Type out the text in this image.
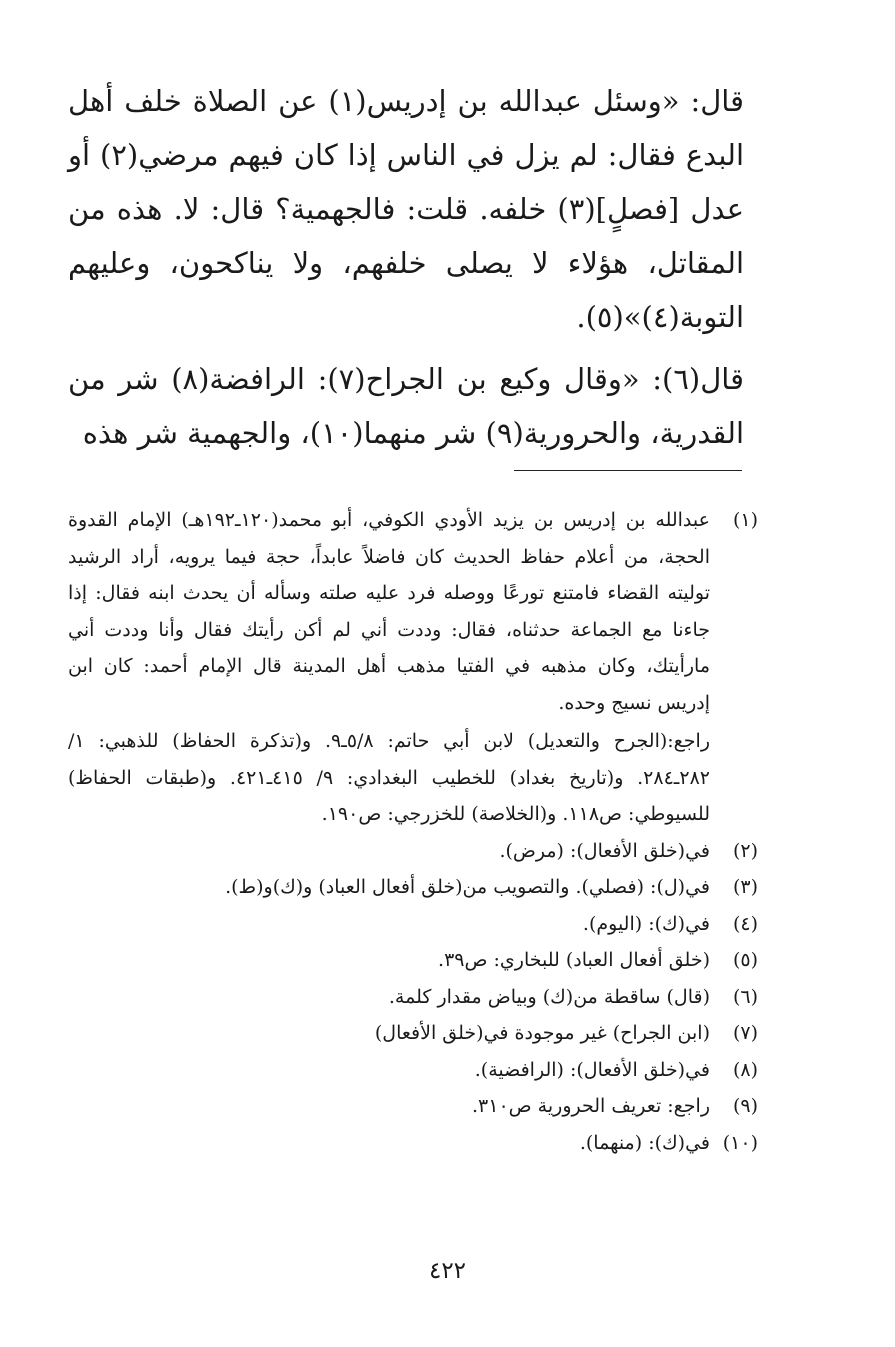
قال: «وسئل عبدالله بن إدريس(١) عن الصلاة خلف أهل البدع فقال: لم يزل في الناس إذا كان فيهم مرضي(٢) أو عدل [فصلٍ](٣) خلفه. قلت: فالجهمية؟ قال: لا. هذه من المقاتل، هؤلاء لا يصلى خلفهم، ولا يناكحون، وعليهم التوبة(٤)»(٥).

قال(٦): «وقال وكيع بن الجراح(٧): الرافضة(٨) شر من القدرية، والحرورية(٩) شر منهما(١٠)، والجهمية شر هذه

(١)
عبدالله بن إدريس بن يزيد الأودي الكوفي، أبو محمد(١٢٠ـ١٩٢هـ) الإمام القدوة الحجة، من أعلام حفاظ الحديث كان فاضلاً عابداً، حجة فيما يرويه، أراد الرشيد توليته القضاء فامتنع تورعًا ووصله فرد عليه صلته وسأله أن يحدث ابنه فقال: إذا جاءنا مع الجماعة حدثناه، فقال: وددت أني لم أكن رأيتك فقال وأنا وددت أني مارأيتك، وكان مذهبه في الفتيا مذهب أهل المدينة قال الإمام أحمد: كان ابن إدريس نسيج وحده.
راجع:(الجرح والتعديل) لابن أبي حاتم: ٥/٨ـ٩. و(تذكرة الحفاظ) للذهبي: ١/ ٢٨٢ـ٢٨٤. و(تاريخ بغداد) للخطيب البغدادي: ٩/ ٤١٥ـ٤٢١. و(طبقات الحفاظ) للسيوطي: ص١١٨. و(الخلاصة) للخزرجي: ص١٩٠.
(٢)
في(خلق الأفعال): (مرض).
(٣)
في(ل): (فصلي). والتصويب من(خلق أفعال العباد) و(ك)و(ط).
(٤)
في(ك): (اليوم).
(٥)
(خلق أفعال العباد) للبخاري: ص٣٩.
(٦)
(قال) ساقطة من(ك) وبياض مقدار كلمة.
(٧)
(ابن الجراح) غير موجودة في(خلق الأفعال)
(٨)
في(خلق الأفعال): (الرافضية).
(٩)
راجع: تعريف الحرورية ص٣١٠.
(١٠)
في(ك): (منهما).
٤٢٢
